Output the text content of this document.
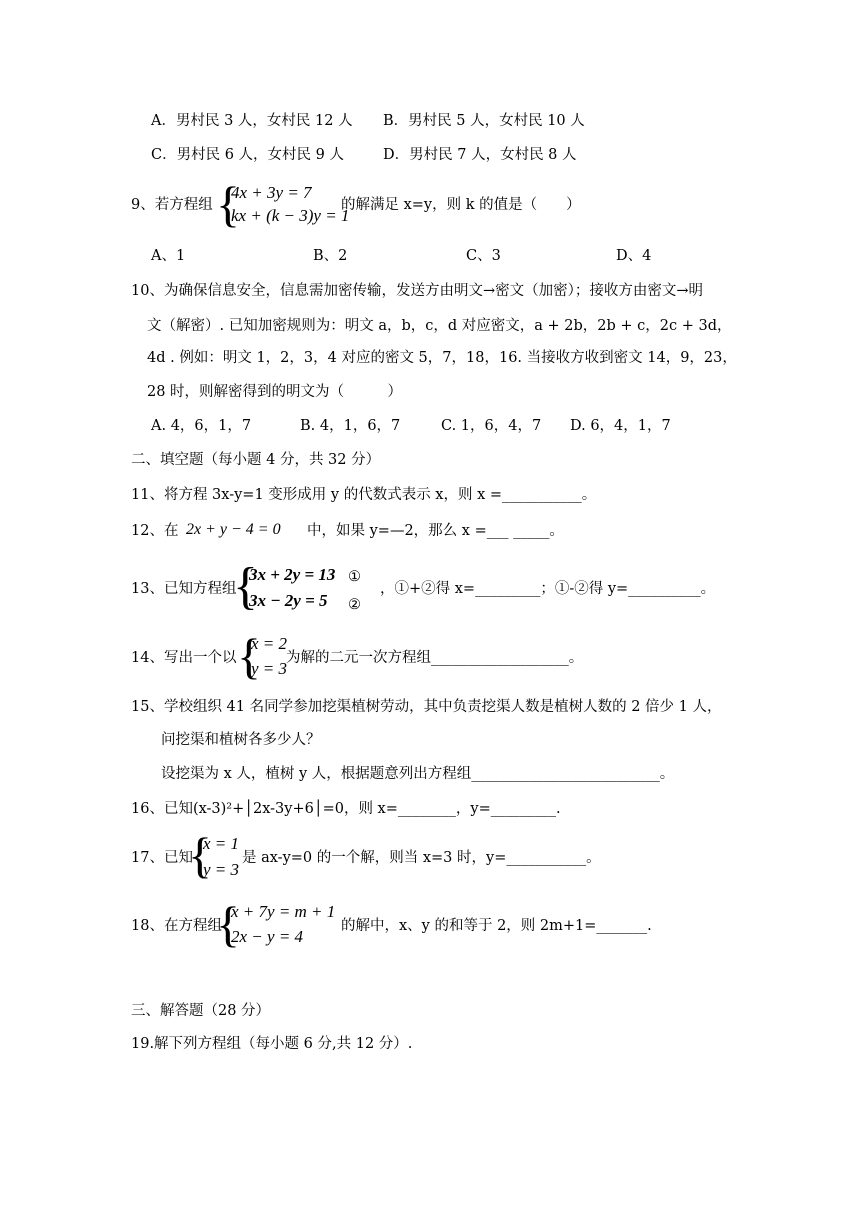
A．男村民 3 人，女村民 12 人 B．男村民 5 人，女村民 10 人
C．男村民 6 人，女村民 9 人	D．男村民 7 人，女村民 8 人
9、若方程组 {
4x + 3y = 7
kx + (k − 3)y = 1
的解满足 x=y，则 k 的值是（　　）
A、1	B、2	C、3	D、4
10、为确保信息安全，信息需加密传输，发送方由明文→密文（加密）；接收方由密文→明
文（解密）. 已知加密规则为：明文 a，b，c，d 对应密文，a + 2b，2b + c，2c + 3d，
4d . 例如：明文 1，2，3，4 对应的密文 5，7，18，16. 当接收方收到密文 14，9，23，
28 时，则解密得到的明文为（　　　）
A. 4，6，1，7	B. 4，1，6，7	C. 1，6，4，7 D. 6，4，1，7
二、填空题（每小题 4 分，共 32 分）
11、将方程 3x-y=1 变形成用 y 的代数式表示 x，则 x =___________。
12、在 2x + y − 4 = 0 中，如果 y=—2，那么 x =___ _____。
13、已知方程组
{
3x + 2y = 13
3x − 2y = 5
①
②
，①+②得 x=_________；①-②得 y=__________。
14、写出一个以 {
x = 2
y = 3
为解的二元一次方程组___________________。
15、学校组织 41 名同学参加挖渠植树劳动，其中负责挖渠人数是植树人数的 2 倍少 1 人，
问挖渠和植树各多少人？
设挖渠为 x 人，植树 y 人，根据题意列出方程组__________________________。
16、已知(x-3)²+│2x-3y+6│=0，则 x=________，y=_________.
17、已知
{
x = 1
y = 3
是 ax-y=0 的一个解，则当 x=3 时，y=___________。
18、在方程组
{
x + 7y = m + 1
2x − y = 4
的解中，x、y 的和等于 2，则 2m+1=_______.
三、解答题（28 分）
19.解下列方程组（每小题 6 分,共 12 分）.
